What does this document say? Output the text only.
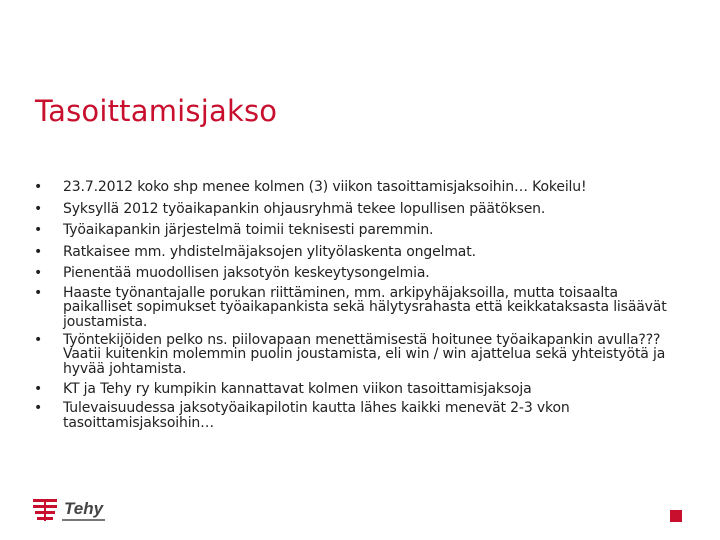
Tasoittamisjakso
• 23.7.2012 koko shp menee kolmen (3) viikon tasoittamisjaksoihin… Kokeilu!
• Syksyllä 2012 työaikapankin ohjausryhmä tekee lopullisen päätöksen.
• Työaikapankin järjestelmä toimii teknisesti paremmin.
• Ratkaisee mm. yhdistelmäjaksojen ylityölaskenta ongelmat.
• Pienentää muodollisen jaksotyön keskeytysongelmia.
• Haaste työnantajalle porukan riittäminen, mm. arkipyhäjaksoilla, mutta toisaalta paikalliset sopimukset työaikapankista sekä hälytysrahasta että keikkataksasta lisäävät joustamista.
• Työntekijöiden pelko ns. piilovapaan menettämisestä hoitunee työaikapankin avulla??? Vaatii kuitenkin molemmin puolin joustamista, eli win / win ajattelua sekä yhteistyötä ja hyvää johtamista.
• KT ja Tehy ry kumpikin kannattavat kolmen viikon tasoittamisjaksoja
• Tulevaisuudessa jaksotyöaikapilotin kautta lähes kaikki menevät 2-3 vkon tasoittamisjaksoihin…
Tehy
